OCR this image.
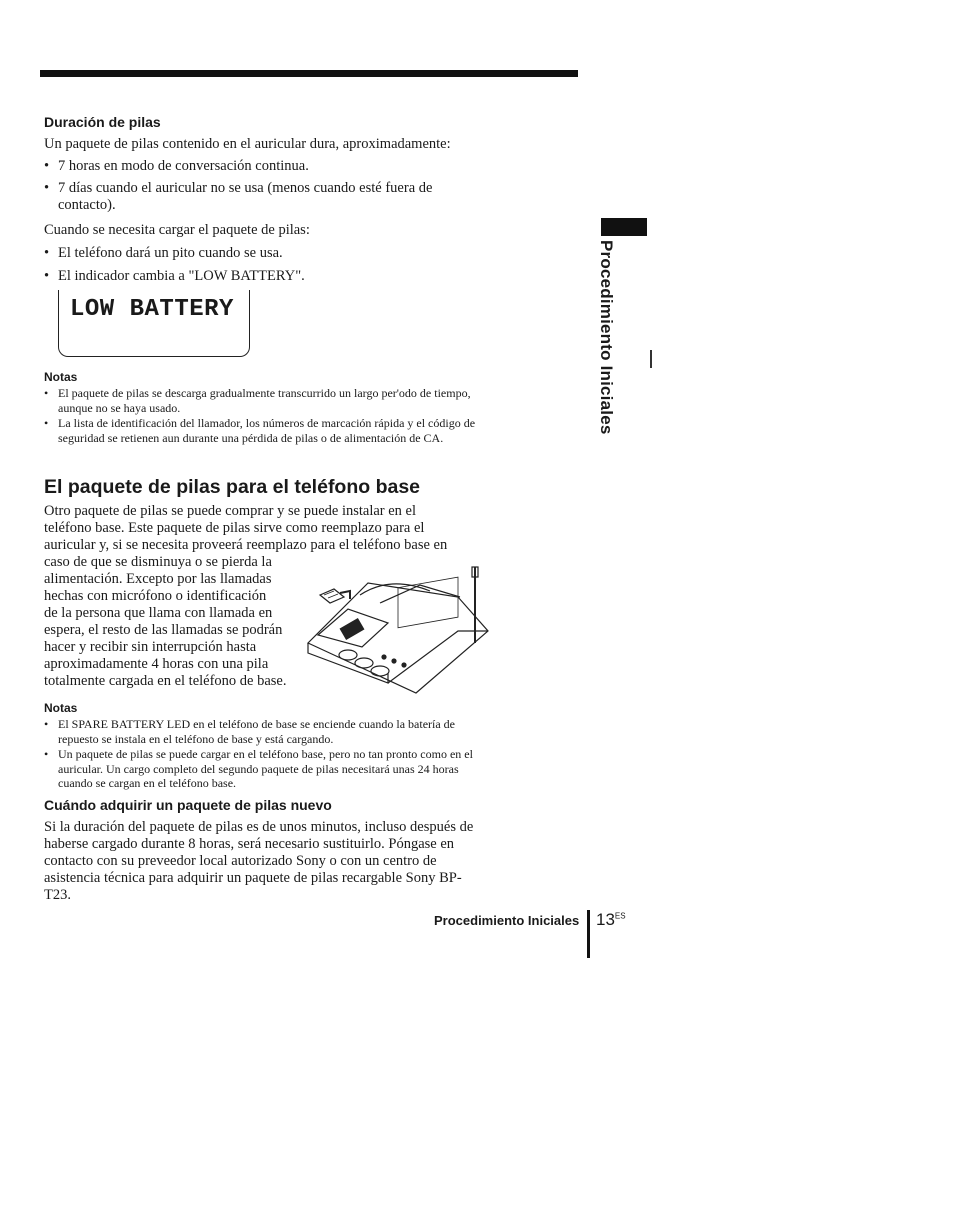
Duración de pilas
Un paquete de pilas contenido en el auricular dura, aproximadamente:
• 7 horas en modo de conversación continua.
• 7 días cuando el auricular no se usa (menos cuando esté fuera de contacto).
Cuando se necesita cargar el paquete de pilas:
• El teléfono dará un pito cuando se usa.
• El indicador cambia a "LOW BATTERY".
LOW BATTERY
Notas
• El paquete de pilas se descarga gradualmente transcurrido un largo per'odo de tiempo, aunque no se haya usado.
• La lista de identificación del llamador, los números de marcación rápida y el código de seguridad se retienen aun durante una pérdida de pilas o de alimentación de CA.
El paquete de pilas para el teléfono base
Otro paquete de pilas se puede comprar y se puede instalar en el
teléfono base. Este paquete de pilas sirve como reemplazo para el
auricular y, si se necesita proveerá reemplazo para el teléfono base en
caso de que se disminuya o se pierda la
alimentación. Excepto por las llamadas
hechas con micrófono o identificación
de la persona que llama con llamada en
espera, el resto de las llamadas se podrán
hacer y recibir sin interrupción hasta
aproximadamente 4 horas con una pila
totalmente cargada en el teléfono de base.
Notas
• El SPARE BATTERY LED en el teléfono de base se enciende cuando la batería de repuesto se instala en el teléfono de base y está cargando.
• Un paquete de pilas se puede cargar en el teléfono base, pero no tan pronto como en el auricular. Un cargo completo del segundo paquete de pilas necesitará unas 24 horas cuando se cargan en el teléfono base.
Cuándo adquirir un paquete de pilas nuevo
Si la duración del paquete de pilas es de unos minutos, incluso después de haberse cargado durante 8 horas, será necesario sustituirlo. Póngase en contacto con su preveedor local autorizado Sony o con un centro de asistencia técnica para adquirir un paquete de pilas recargable Sony BP-T23.
Procedimiento Iniciales
Procedimiento Iniciales $13^{ES}$
